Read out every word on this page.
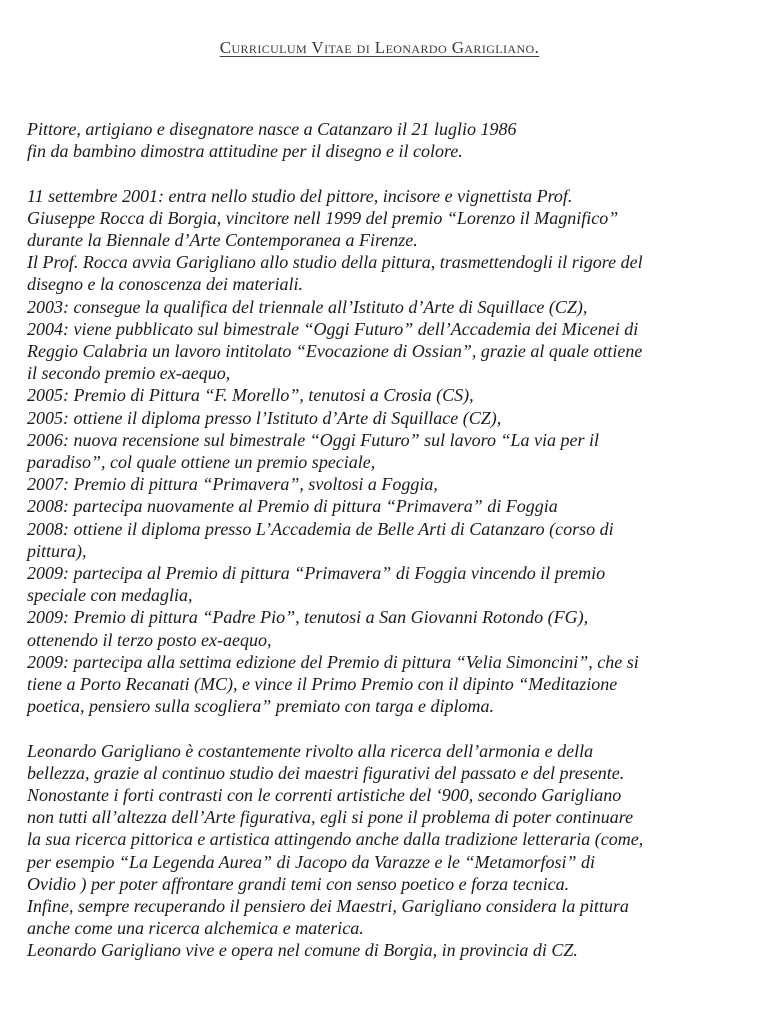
Curriculum Vitae di Leonardo Garigliano.
Pittore, artigiano e disegnatore nasce a Catanzaro il 21 luglio 1986
fin da bambino dimostra attitudine per il disegno e il colore.
11 settembre 2001: entra nello studio del pittore, incisore e vignettista Prof.
Giuseppe Rocca di Borgia, vincitore nell 1999 del premio “Lorenzo il Magnifico”
durante la Biennale d’Arte Contemporanea a Firenze.
Il Prof. Rocca avvia Garigliano allo studio della pittura, trasmettendogli il rigore del
disegno e la conoscenza dei materiali.
2003: consegue la qualifica del triennale all’Istituto d’Arte di Squillace (CZ),
2004: viene pubblicato sul bimestrale “Oggi Futuro” dell’Accademia dei Micenei di
Reggio Calabria un lavoro intitolato “Evocazione di Ossian”, grazie al quale ottiene
il secondo premio ex-aequo,
2005: Premio di Pittura “F. Morello”, tenutosi a Crosia (CS),
2005: ottiene il diploma presso l’Istituto d’Arte di Squillace (CZ),
2006: nuova recensione sul bimestrale “Oggi Futuro” sul lavoro “La via per il
paradiso”, col quale ottiene un premio speciale,
2007: Premio di pittura “Primavera”, svoltosi a Foggia,
2008: partecipa nuovamente al Premio di pittura “Primavera” di Foggia
2008: ottiene il diploma presso L’Accademia de Belle Arti di Catanzaro (corso di
pittura),
2009: partecipa al Premio di pittura “Primavera” di Foggia vincendo il premio
speciale con medaglia,
2009: Premio di pittura “Padre Pio”, tenutosi a San Giovanni Rotondo (FG),
ottenendo il terzo posto ex-aequo,
2009: partecipa alla settima edizione del Premio di pittura “Velia Simoncini”, che si
tiene a Porto Recanati (MC), e vince il Primo Premio con il dipinto “Meditazione
poetica, pensiero sulla scogliera” premiato con targa e diploma.
Leonardo Garigliano è costantemente rivolto alla ricerca dell’armonia e della
bellezza, grazie al continuo studio dei maestri figurativi del passato e del presente.
Nonostante i forti contrasti con le correnti artistiche del ‘900, secondo Garigliano
non tutti all’altezza dell’Arte figurativa, egli si pone il problema di poter continuare
la sua ricerca pittorica e artistica attingendo anche dalla tradizione letteraria (come,
per esempio “La Legenda Aurea” di Jacopo da Varazze e le “Metamorfosi” di
Ovidio ) per poter affrontare grandi temi con senso poetico e forza tecnica.
Infine, sempre recuperando il pensiero dei Maestri, Garigliano considera la pittura
anche come una ricerca alchemica e materica.
Leonardo Garigliano vive e opera nel comune di Borgia, in provincia di CZ.
